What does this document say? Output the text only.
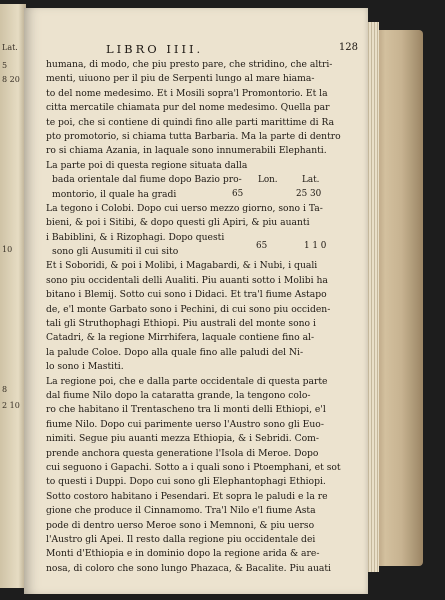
Lat.
5
8 20
10
8
2 10
LIBRO IIII.	128
humana, di modo, che piu presto pare, che stridino, che altri-
menti, uiuono per il piu de Serpenti lungo al mare hiama-
to del nome medesimo. Et i Mosili sopra'l Promontorio. Et la
citta mercatile chiamata pur del nome medesimo. Quella par
te poi, che si contiene di quindi fino alle parti marittime di Ra
pto promotorio, si chiama tutta Barbaria. Ma la parte di dentro
ro si chiama Azania, in laquale sono innumerabili Elephanti.
La parte poi di questa regione situata dalla
bada orientale dal fiume dopo Bazio pro-
montorio, il quale ha gradi
Lon.	Lat.
65	25 30
La tegono i Colobi. Dopo cui uerso mezzo giorno, sono i Ta-
bieni, & poi i Sitibi, & dopo questi gli Apiri, & piu auanti
i Babiblini, & i Rizophagi. Dopo questi
sono gli Ausumiti il cui sito	65	1 1 0
Et i Soboridi, & poi i Molibi, i Magabardi, & i Nubi, i quali
sono piu occidentali delli Aualiti. Piu auanti sotto i Molibi ha
bitano i Blemij. Sotto cui sono i Didaci. Et tra'l fiume Astapo
de, e'l monte Garbato sono i Pechini, di cui sono piu occiden-
tali gli Struthophagi Ethiopi. Piu australi del monte sono i
Catadri, & la regione Mirrhifera, laquale contiene fino al-
la palude Coloe. Dopo alla quale fino alle paludi del Ni-
lo sono i Mastiti.
La regione poi, che e dalla parte occidentale di questa parte
dal fiume Nilo dopo la cataratta grande, la tengono colo-
ro che habitano il Trentascheno tra li monti delli Ethiopi, e'l
fiume Nilo. Dopo cui parimente uerso l'Austro sono gli Euo-
nimiti. Segue piu auanti mezza Ethiopia, & i Sebridi. Com-
prende anchora questa generatione l'Isola di Meroe. Dopo
cui seguono i Gapachi. Sotto a i quali sono i Ptoemphani, et sot
to questi i Duppi. Dopo cui sono gli Elephantophagi Ethiopi.
Sotto costoro habitano i Pesendari. Et sopra le paludi e la re
gione che produce il Cinnamomo. Tra'l Nilo e'l fiume Asta
pode di dentro uerso Meroe sono i Memnoni, & piu uerso
l'Austro gli Apei. Il resto dalla regione piu occidentale dei
Monti d'Ethiopia e in dominio dopo la regione arida & are-
nosa, di coloro che sono lungo Phazaca, & Bacalite. Piu auati
